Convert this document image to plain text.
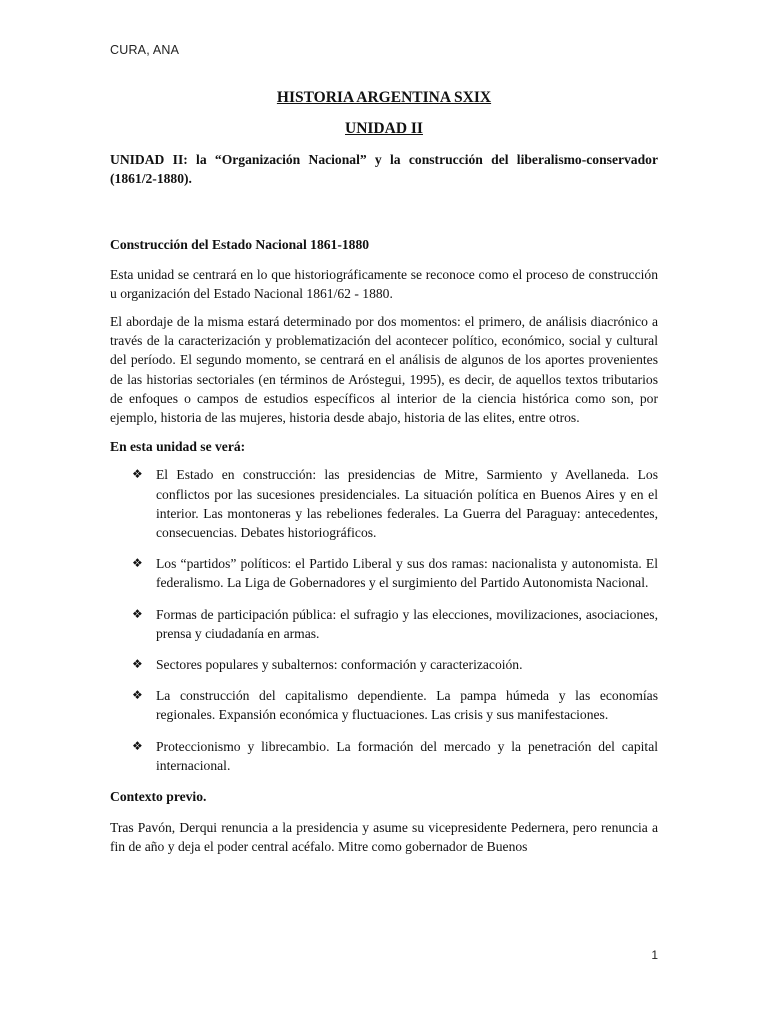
CURA, ANA
HISTORIA ARGENTINA SXIX
UNIDAD II

UNIDAD II: la “Organización Nacional” y la construcción del liberalismo-conservador (1861/2-1880).

Construcción del Estado Nacional 1861-1880

Esta unidad se centrará en lo que historiográficamente se reconoce como el proceso de construcción u organización del Estado Nacional 1861/62 - 1880.

El abordaje de la misma estará determinado por dos momentos: el primero, de análisis diacrónico a través de la caracterización y problematización del acontecer político, económico, social y cultural del período. El segundo momento, se centrará en el análisis de algunos de los aportes provenientes de las historias sectoriales (en términos de Aróstegui, 1995), es decir, de aquellos textos tributarios de enfoques o campos de estudios específicos al interior de la ciencia histórica como son, por ejemplo, historia de las mujeres, historia desde abajo, historia de las elites, entre otros.

En esta unidad se verá:

❖ El Estado en construcción: las presidencias de Mitre, Sarmiento y Avellaneda. Los conflictos por las sucesiones presidenciales. La situación política en Buenos Aires y en el interior. Las montoneras y las rebeliones federales. La Guerra del Paraguay: antecedentes, consecuencias. Debates historiográficos.
❖ Los “partidos” políticos: el Partido Liberal y sus dos ramas: nacionalista y autonomista. El federalismo. La Liga de Gobernadores y el surgimiento del Partido Autonomista Nacional.
❖ Formas de participación pública: el sufragio y las elecciones, movilizaciones, asociaciones, prensa y ciudadanía en armas.
❖ Sectores populares y subalternos: conformación y caracterizacoión.
❖ La construcción del capitalismo dependiente. La pampa húmeda y las economías regionales. Expansión económica y fluctuaciones. Las crisis y sus manifestaciones.
❖ Proteccionismo y librecambio. La formación del mercado y la penetración del capital internacional.

Contexto previo.

Tras Pavón, Derqui renuncia a la presidencia y asume su vicepresidente Pedernera, pero renuncia a fin de año y deja el poder central acéfalo. Mitre como gobernador de Buenos

1
